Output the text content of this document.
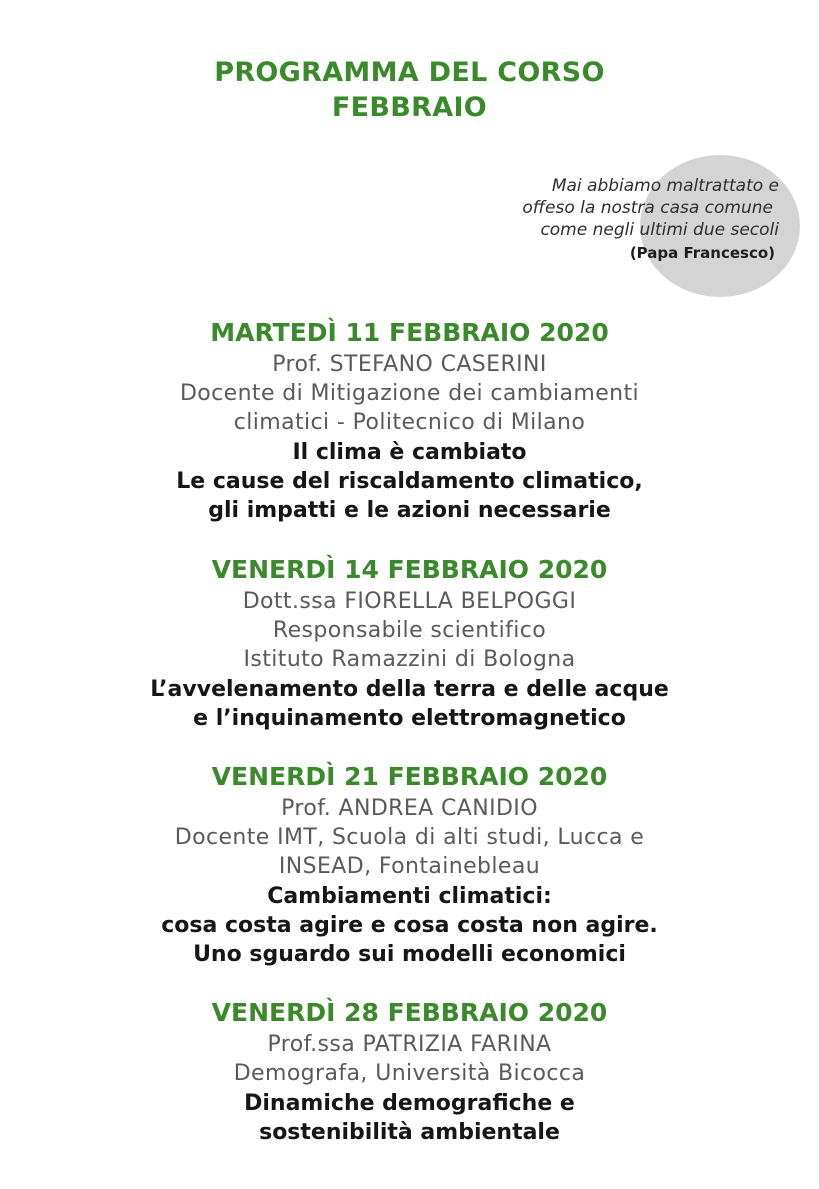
PROGRAMMA DEL CORSO
FEBBRAIO
Mai abbiamo maltrattato e
offeso la nostra casa comune
come negli ultimi due secoli
(Papa Francesco)
MARTEDÌ 11 FEBBRAIO 2020
Prof. STEFANO CASERINI
Docente di Mitigazione dei cambiamenti
climatici - Politecnico di Milano
Il clima è cambiato
Le cause del riscaldamento climatico,
gli impatti e le azioni necessarie
VENERDÌ 14 FEBBRAIO 2020
Dott.ssa FIORELLA BELPOGGI
Responsabile scientifico
Istituto Ramazzini di Bologna
L’avvelenamento della terra e delle acque
e l’inquinamento elettromagnetico
VENERDÌ 21 FEBBRAIO 2020
Prof. ANDREA CANIDIO
Docente IMT, Scuola di alti studi, Lucca e
INSEAD, Fontainebleau
Cambiamenti climatici:
cosa costa agire e cosa costa non agire.
Uno sguardo sui modelli economici
VENERDÌ 28 FEBBRAIO 2020
Prof.ssa PATRIZIA FARINA
Demografa, Università Bicocca
Dinamiche demografiche e
sostenibilità ambientale
